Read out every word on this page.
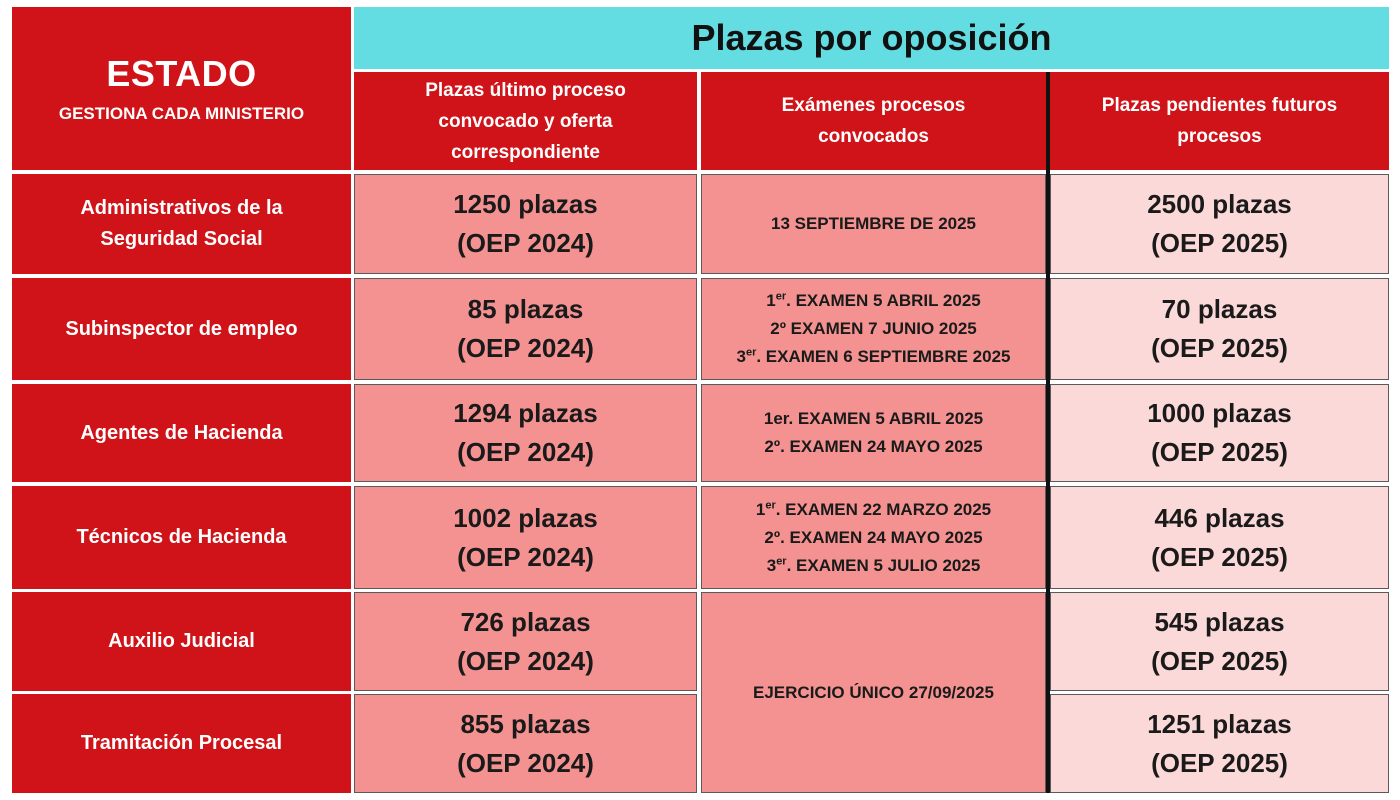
ESTADO
GESTIONA CADA MINISTERIO
Plazas por oposición
Plazas último proceso convocado y oferta correspondiente
Exámenes procesos convocados
Plazas pendientes futuros procesos
Administrativos de la Seguridad Social
Subinspector de empleo
Agentes de Hacienda
Técnicos de Hacienda
Auxilio Judicial
Tramitación Procesal
1250 plazas
(OEP 2024)
85 plazas
(OEP 2024)
1294 plazas
(OEP 2024)
1002 plazas
(OEP 2024)
726 plazas
(OEP 2024)
855 plazas
(OEP 2024)
13 SEPTIEMBRE DE 2025
1er. EXAMEN 5 ABRIL 2025
2º EXAMEN 7 JUNIO 2025
3er. EXAMEN 6 SEPTIEMBRE 2025
1er. EXAMEN 5 ABRIL 2025
2º. EXAMEN 24 MAYO 2025
1er. EXAMEN 22 MARZO 2025
2º. EXAMEN 24 MAYO 2025
3er. EXAMEN 5 JULIO 2025
EJERCICIO ÚNICO 27/09/2025
2500 plazas
(OEP 2025)
70 plazas
(OEP 2025)
1000 plazas
(OEP 2025)
446 plazas
(OEP 2025)
545 plazas
(OEP 2025)
1251 plazas
(OEP 2025)
